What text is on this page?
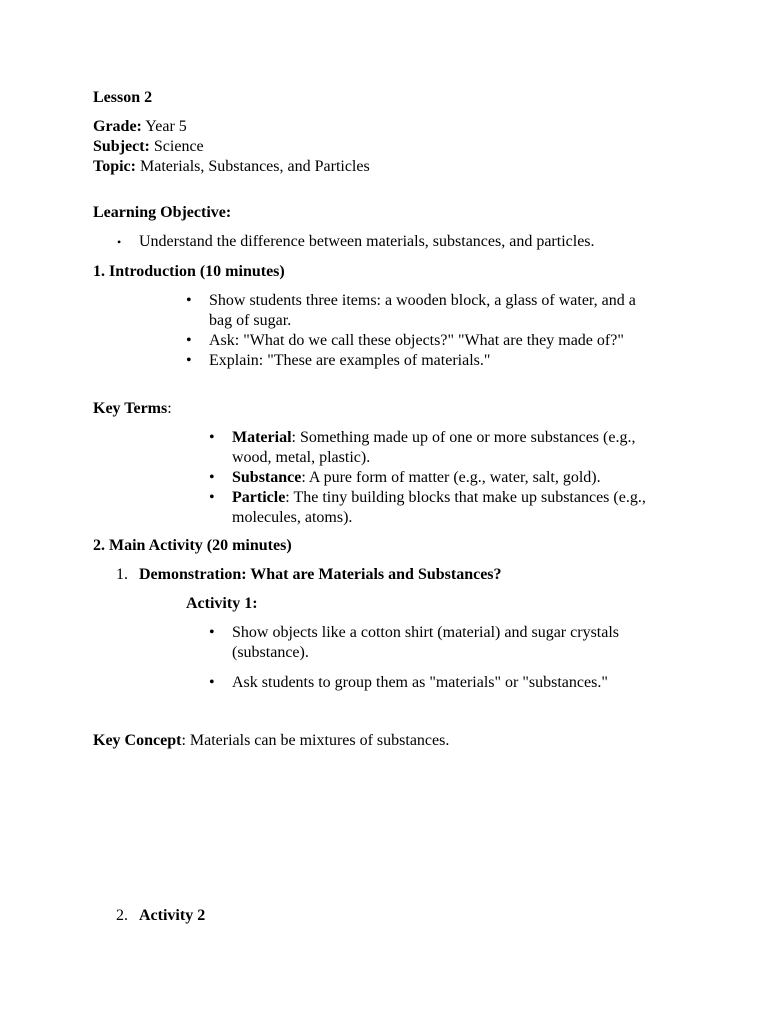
Lesson 2

Grade: Year 5

Subject: Science

Topic: Materials, Substances, and Particles

Learning Objective:

• Understand the difference between materials, substances, and particles.

1. Introduction (10 minutes)

• Show students three items: a wooden block, a glass of water, and a bag of sugar.
• Ask: "What do we call these objects?" "What are they made of?"
• Explain: "These are examples of materials."

Key Terms:

• Material: Something made up of one or more substances (e.g., wood, metal, plastic).
• Substance: A pure form of matter (e.g., water, salt, gold).
• Particle: The tiny building blocks that make up substances (e.g., molecules, atoms).

2. Main Activity (20 minutes)

1. Demonstration: What are Materials and Substances?

Activity 1:

• Show objects like a cotton shirt (material) and sugar crystals (substance).
• Ask students to group them as "materials" or "substances."

Key Concept: Materials can be mixtures of substances.

2. Activity 2
